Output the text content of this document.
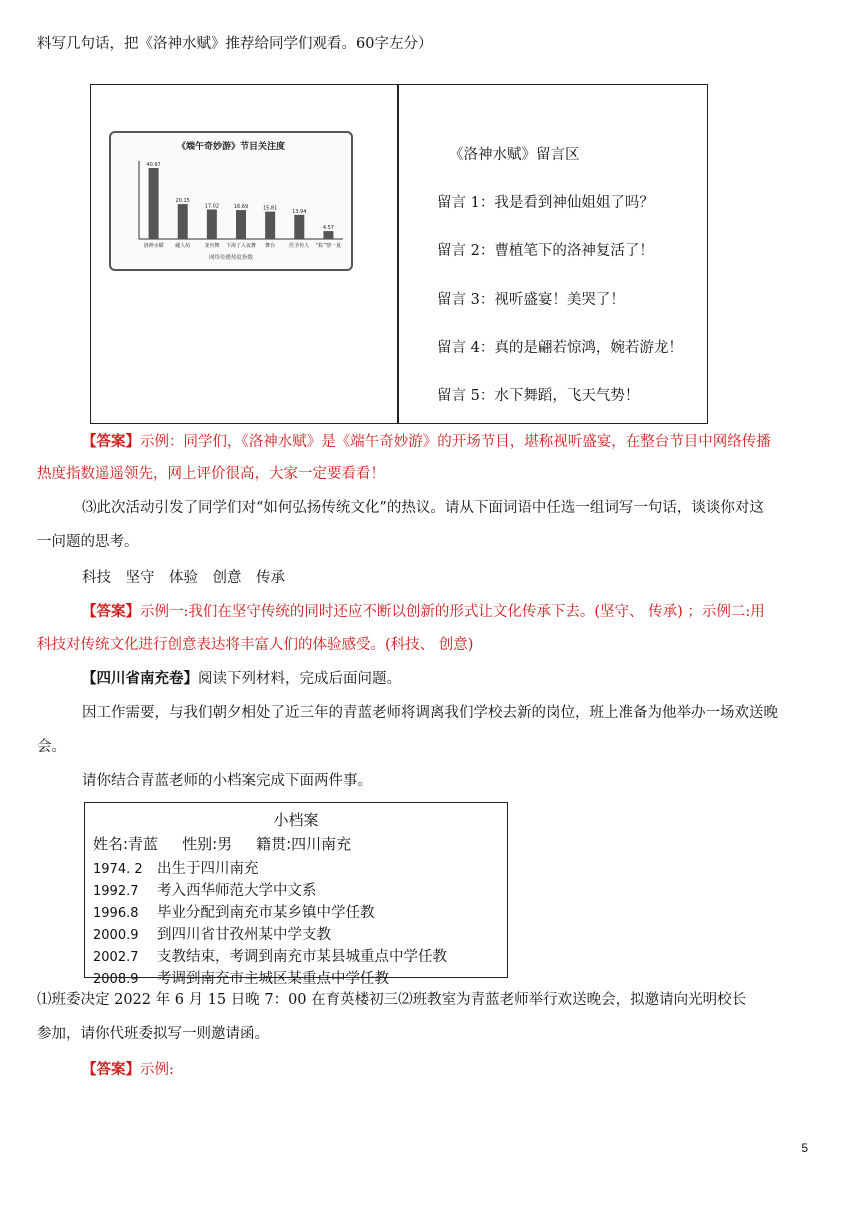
料写几句话，把《洛神水赋》推荐给同学们观看。60字左分）
《端午奇妙游》节目关注度
40.97
洛神水赋
20.15
碰人坊
17.02
龙舟舞
16.69
下海了入夜舞
15.81
舞台
13.94
医圣传人
4.57
“粽”情一夏
网络传播热度指数
《洛神水赋》留言区
留言 1：我是看到神仙姐姐了吗？
留言 2：曹植笔下的洛神复活了！
留言 3：视听盛宴！美哭了！
留言 4：真的是翩若惊鸿，婉若游龙！
留言 5：水下舞蹈，飞天气势！
【答案】示例：同学们，《洛神水赋》是《端午奇妙游》的开场节目，堪称视听盛宴，在整台节目中网络传播
热度指数遥遥领先，网上评价很高，大家一定要看看！
⑶此次活动引发了同学们对“如何弘扬传统文化”的热议。请从下面词语中任选一组词写一句话，谈谈你对这
一问题的思考。
科技　坚守　体验　创意　传承
【答案】示例一:我们在坚守传统的同时还应不断以创新的形式让文化传承下去。(坚守、 传承) ；示例二:用
科技对传统文化进行创意表达将丰富人们的体验感受。(科技、 创意)
【四川省南充卷】阅读下列材料，完成后面问题。
因工作需要，与我们朝夕相处了近三年的青蓝老师将调离我们学校去新的岗位，班上准备为他举办一场欢送晚
会。
请你结合青蓝老师的小档案完成下面两件事。
小档案
姓名:青蓝 性别:男 籍贯:四川南充
1974. 2 出生于四川南充
1992.7 考入西华师范大学中文系
1996.8 毕业分配到南充市某乡镇中学任教
2000.9 到四川省甘孜州某中学支教
2002.7 支教结束，考调到南充市某县城重点中学任教
2008.9 考调到南充市主城区某重点中学任教
⑴班委决定 2022 年 6 月 15 日晚 7：00 在育英楼初三⑵班教室为青蓝老师举行欢送晚会，拟邀请向光明校长
参加，请你代班委拟写一则邀请函。
【答案】示例:
5
